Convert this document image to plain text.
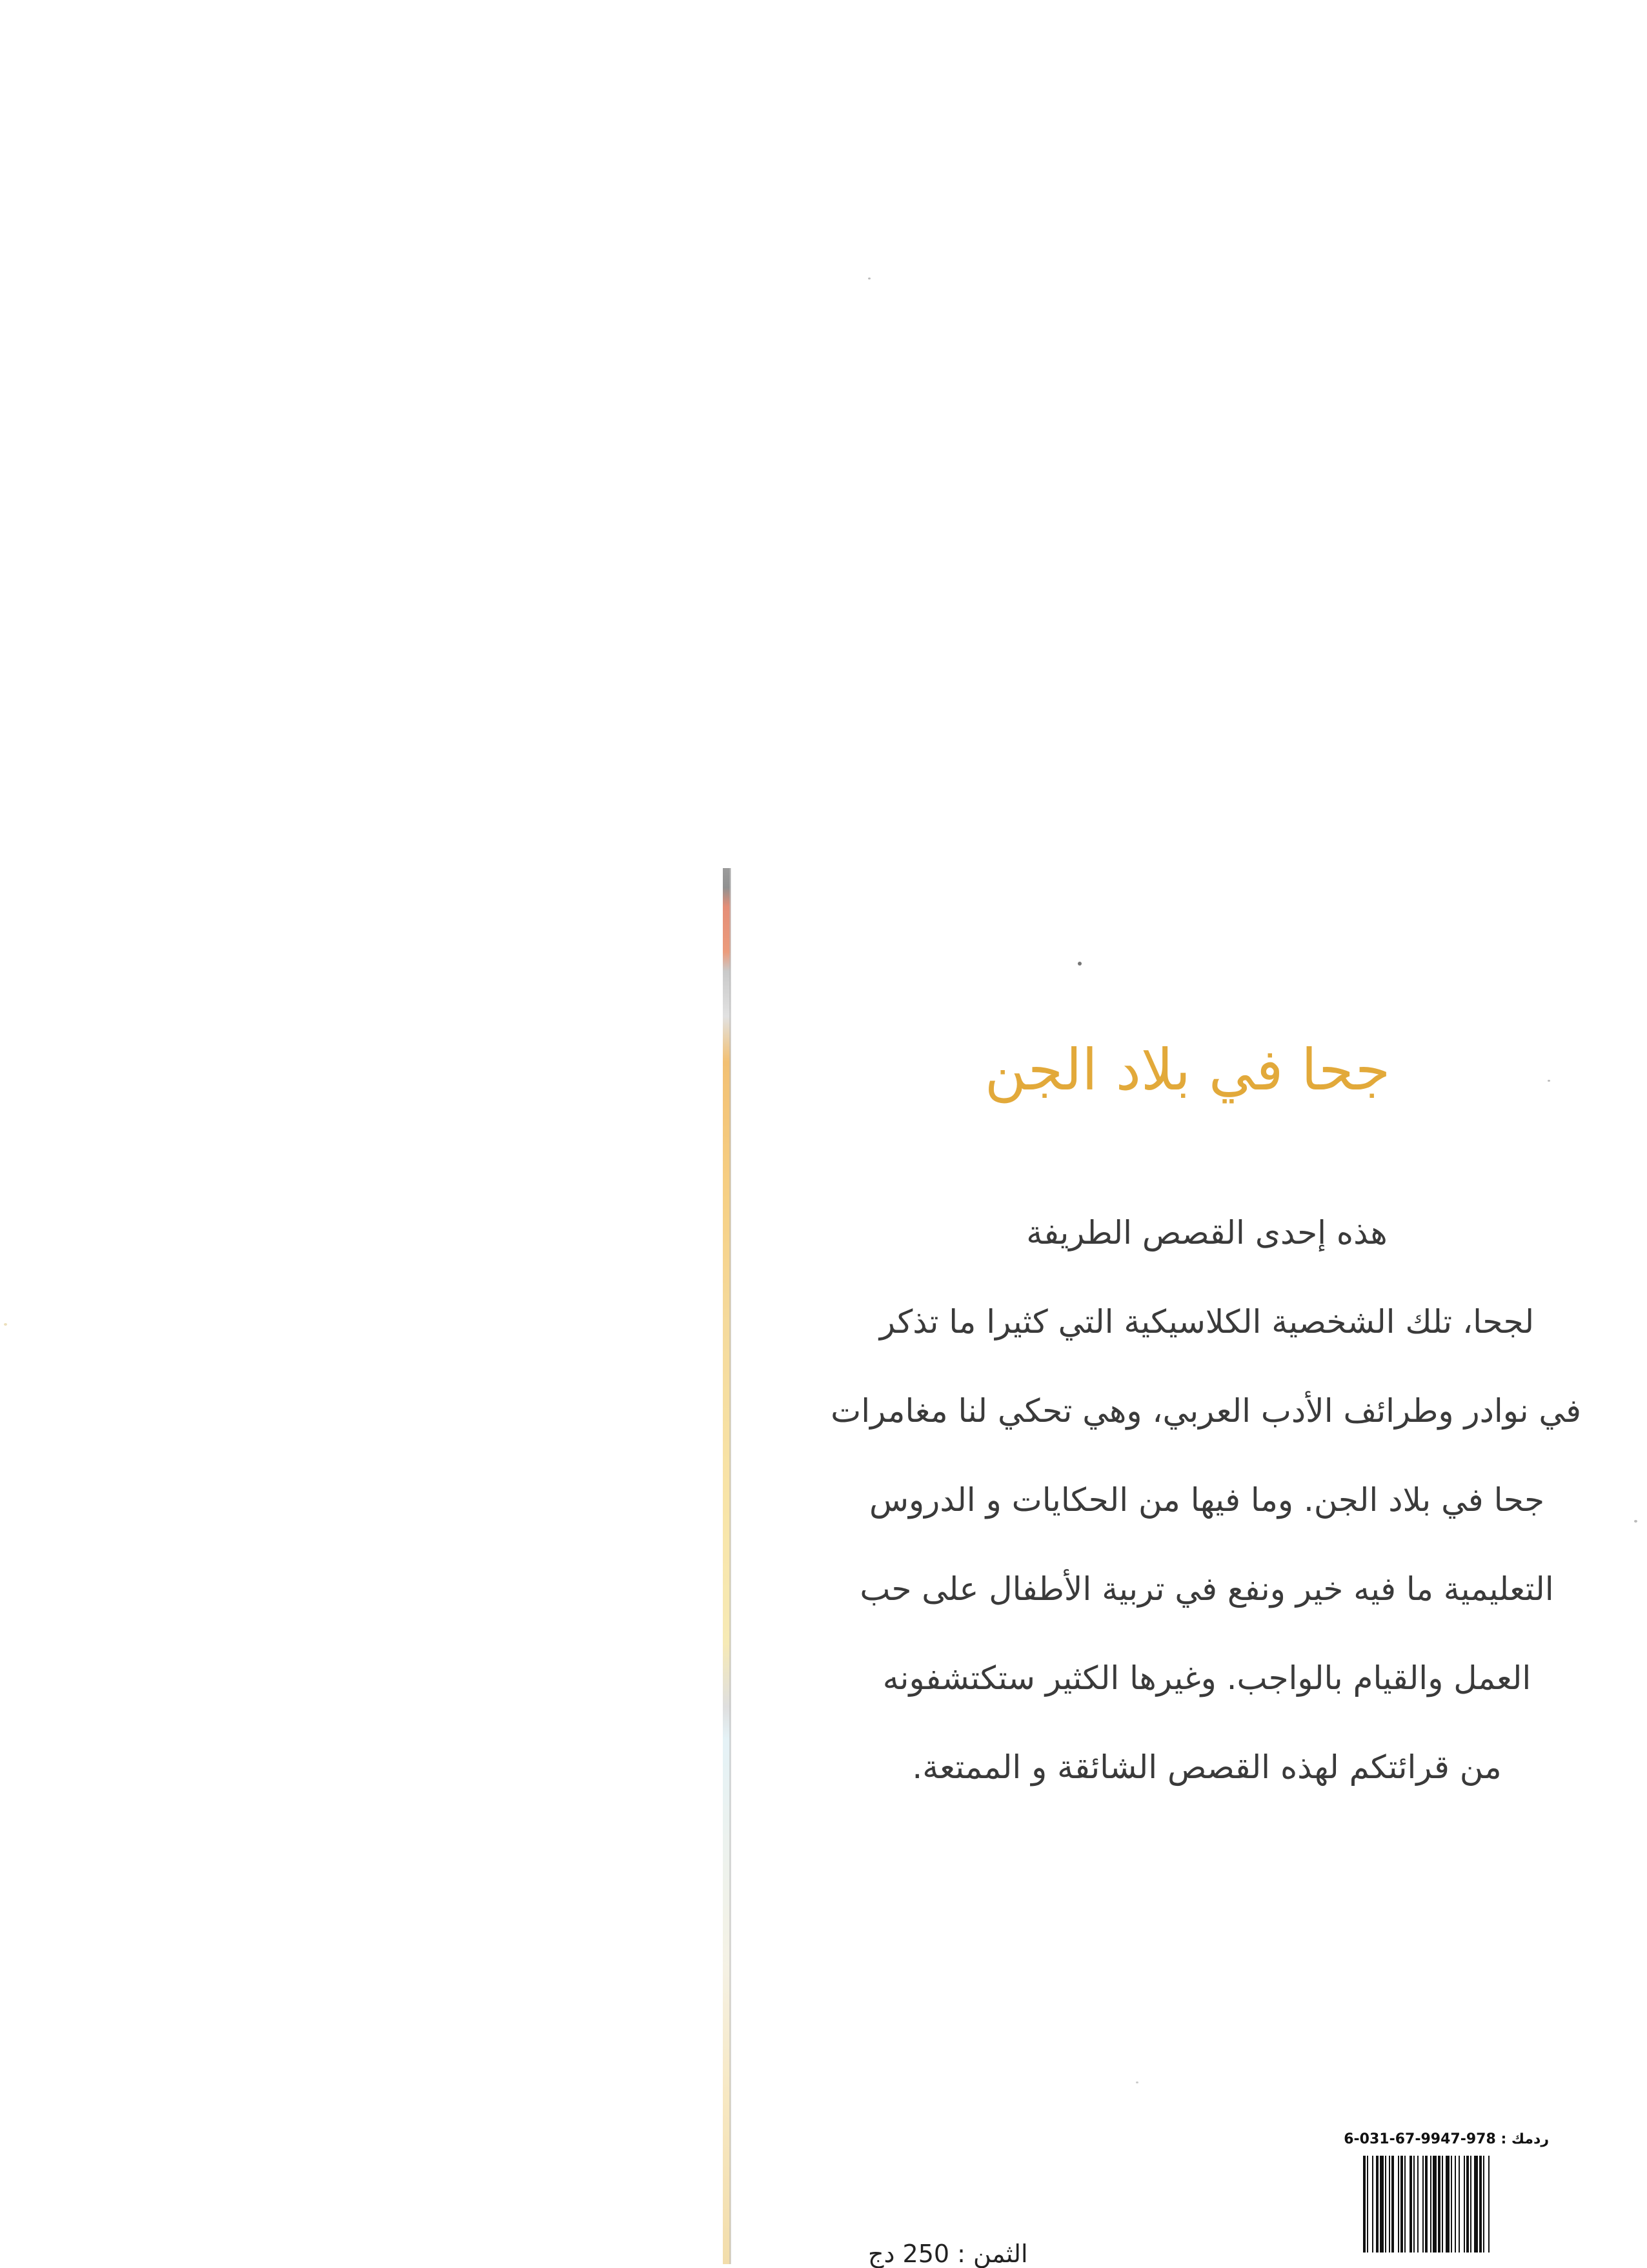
جحا في بلاد الجن
هذه إحدى القصص الطريفة
لجحا، تلك الشخصية الكلاسيكية التي كثيرا ما تذكر
في نوادر وطرائف الأدب العربي، وهي تحكي لنا مغامرات
جحا في بلاد الجن. وما فيها من الحكايات و الدروس
التعليمية ما فيه خير ونفع في تربية الأطفال على حب
العمل والقيام بالواجب. وغيرها الكثير ستكتشفونه
من قرائتكم لهذه القصص الشائقة و الممتعة.
ردمك : 978-9947-67-031-6
الثمن : 250 دج
